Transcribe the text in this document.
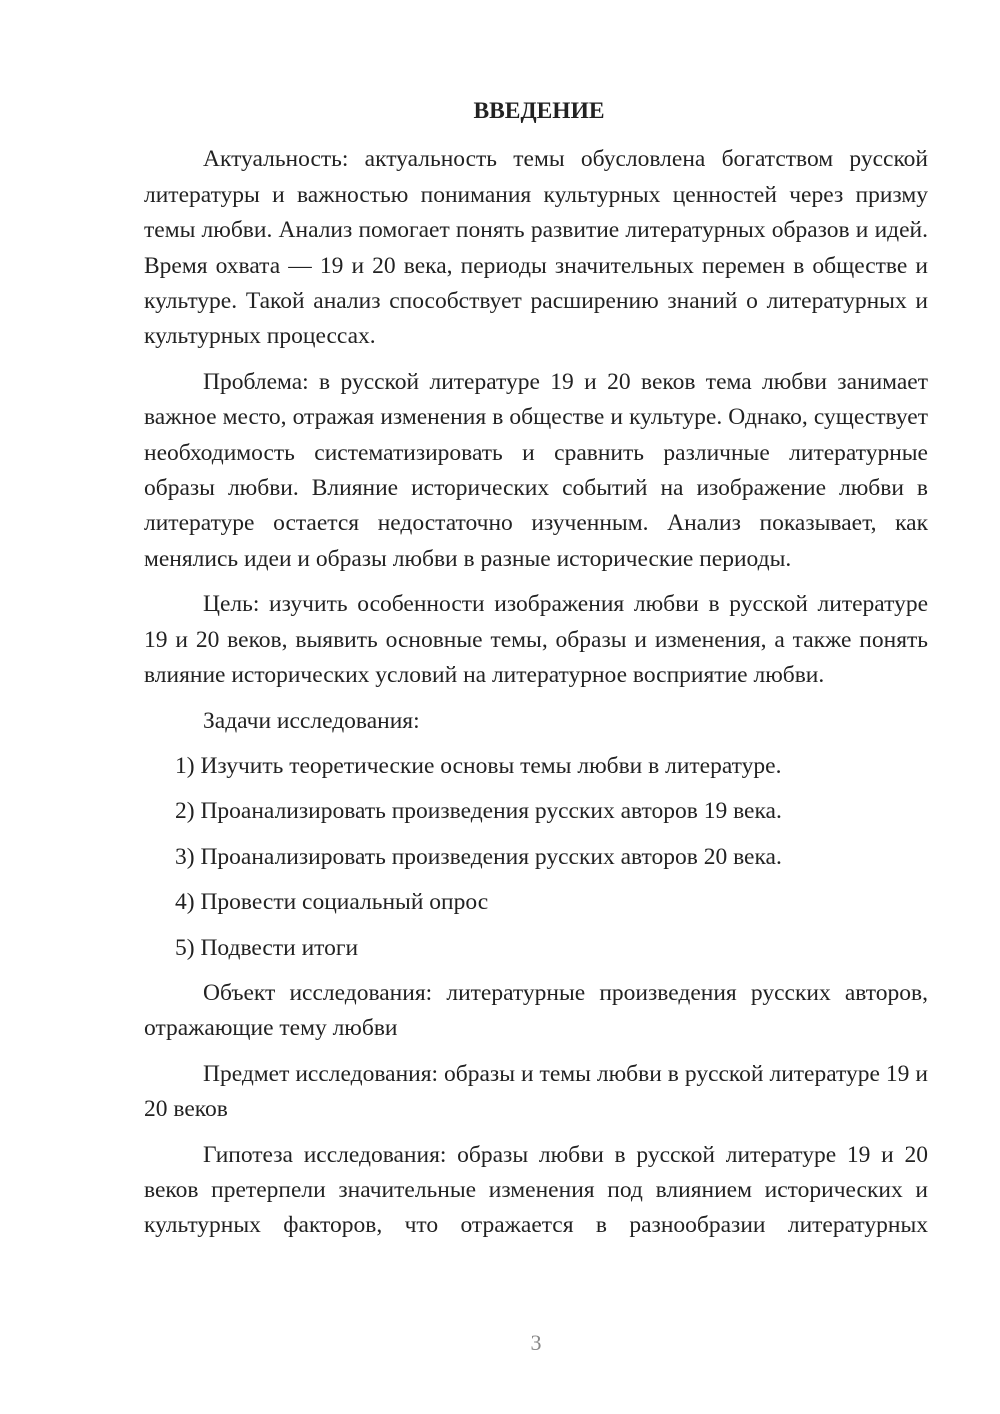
ВВЕДЕНИЕ

Актуальность: актуальность темы обусловлена богатством русской литературы и важностью понимания культурных ценностей через призму темы любви. Анализ помогает понять развитие литературных образов и идей. Время охвата — 19 и 20 века, периоды значительных перемен в обществе и культуре. Такой анализ способствует расширению знаний о литературных и культурных процессах.

Проблема: в русской литературе 19 и 20 веков тема любви занимает важное место, отражая изменения в обществе и культуре. Однако, существует необходимость систематизировать и сравнить различные литературные образы любви. Влияние исторических событий на изображение любви в литературе остается недостаточно изученным. Анализ показывает, как менялись идеи и образы любви в разные исторические периоды.

Цель: изучить особенности изображения любви в русской литературе 19 и 20 веков, выявить основные темы, образы и изменения, а также понять влияние исторических условий на литературное восприятие любви.

Задачи исследования:

1) Изучить теоретические основы темы любви в литературе.

2) Проанализировать произведения русских авторов 19 века.

3) Проанализировать произведения русских авторов 20 века.

4) Провести социальный опрос

5) Подвести итоги

Объект исследования: литературные произведения русских авторов, отражающие тему любви

Предмет исследования: образы и темы любви в русской литературе 19 и 20 веков

Гипотеза исследования: образы любви в русской литературе 19 и 20 веков претерпели значительные изменения под влиянием исторических и культурных факторов, что отражается в разнообразии литературных

3
